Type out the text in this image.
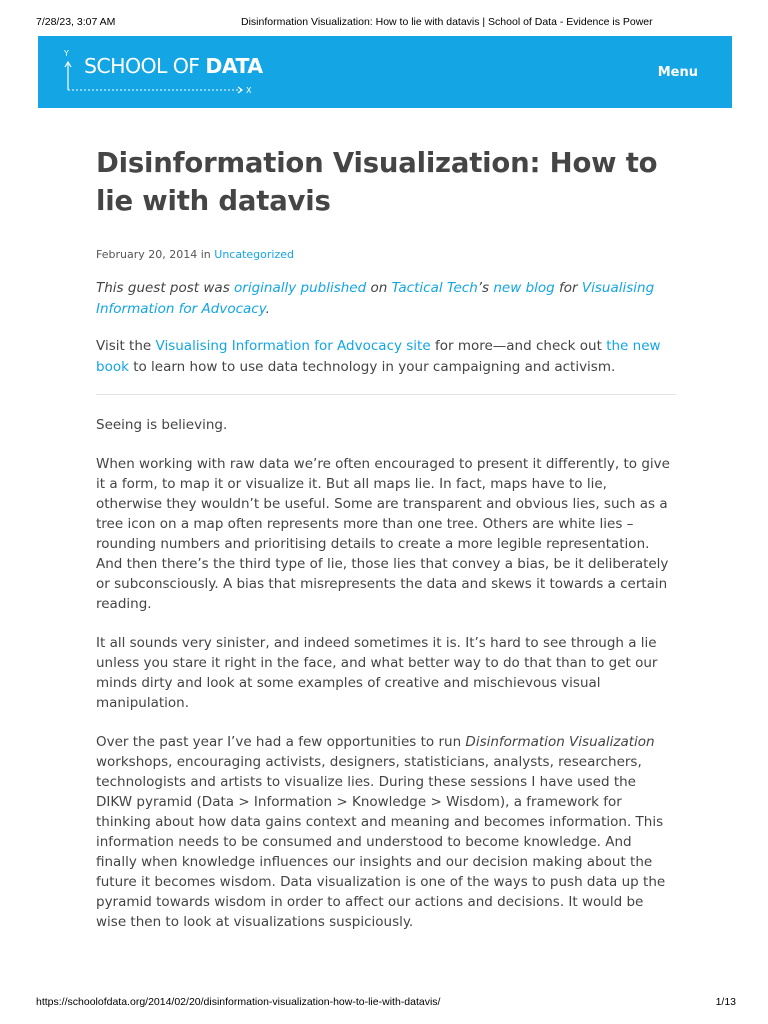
7/28/23, 3:07 AM	Disinformation Visualization: How to lie with datavis | School of Data - Evidence is Power
Y
X
SCHOOL OF DATA	Menu
Disinformation Visualization: How to lie with datavis
February 20, 2014 in Uncategorized

This guest post was originally published on Tactical Tech’s new blog for Visualising Information for Advocacy.

Visit the Visualising Information for Advocacy site for more—and check out the new book to learn how to use data technology in your campaigning and activism.

Seeing is believing.

When working with raw data we’re often encouraged to present it differently, to give it a form, to map it or visualize it. But all maps lie. In fact, maps have to lie, otherwise they wouldn’t be useful. Some are transparent and obvious lies, such as a tree icon on a map often represents more than one tree. Others are white lies – rounding numbers and prioritising details to create a more legible representation. And then there’s the third type of lie, those lies that convey a bias, be it deliberately or subconsciously. A bias that misrepresents the data and skews it towards a certain reading.

It all sounds very sinister, and indeed sometimes it is. It’s hard to see through a lie unless you stare it right in the face, and what better way to do that than to get our minds dirty and look at some examples of creative and mischievous visual manipulation.

Over the past year I’ve had a few opportunities to run Disinformation Visualization workshops, encouraging activists, designers, statisticians, analysts, researchers, technologists and artists to visualize lies. During these sessions I have used the DIKW pyramid (Data > Information > Knowledge > Wisdom), a framework for thinking about how data gains context and meaning and becomes information. This information needs to be consumed and understood to become knowledge. And finally when knowledge influences our insights and our decision making about the future it becomes wisdom. Data visualization is one of the ways to push data up the pyramid towards wisdom in order to affect our actions and decisions. It would be wise then to look at visualizations suspiciously.

https://schoolofdata.org/2014/02/20/disinformation-visualization-how-to-lie-with-datavis/	1/13
